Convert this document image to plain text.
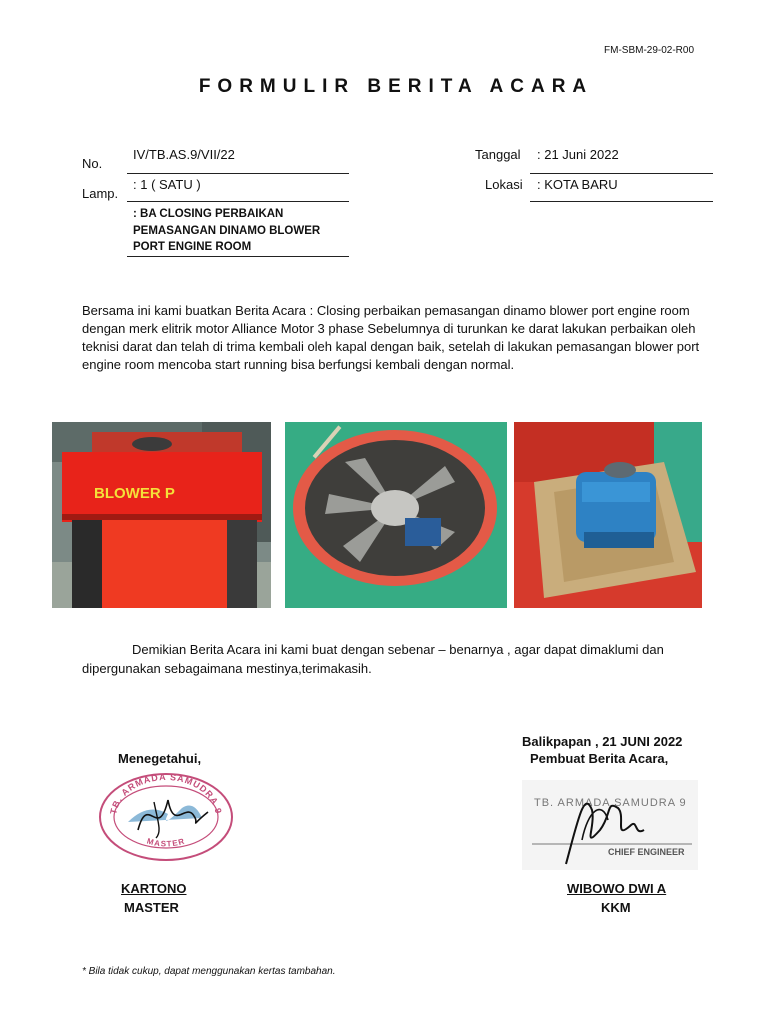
FM-SBM-29-02-R00
FORMULIR BERITA ACARA
No.
IV/TB.AS.9/VII/22
Lamp.
: 1 ( SATU )
: BA CLOSING PERBAIKAN PEMASANGAN DINAMO BLOWER PORT ENGINE ROOM
Tanggal : 21 Juni 2022
Lokasi : KOTA BARU
Bersama ini kami buatkan Berita Acara : Closing perbaikan pemasangan dinamo blower port engine room dengan merk elitrik motor Alliance Motor 3 phase Sebelumnya di turunkan ke darat lakukan perbaikan oleh teknisi darat dan telah di trima kembali oleh kapal dengan baik, setelah di lakukan pemasangan blower port engine room mencoba start running bisa berfungsi kembali dengan normal.
BLOWER P
Demikian Berita Acara ini kami buat dengan sebenar – benarnya , agar dapat dimaklumi dan dipergunakan sebagaimana mestinya,terimakasih.
Menegetahui,
TB. ARMADA SAMUDRA 9
MASTER
KARTONO
MASTER
Balikpapan , 21 JUNI 2022
Pembuat Berita Acara,
TB. ARMADA SAMUDRA 9
CHIEF ENGINEER
WIBOWO DWI A
KKM
* Bila tidak cukup, dapat menggunakan kertas tambahan.
